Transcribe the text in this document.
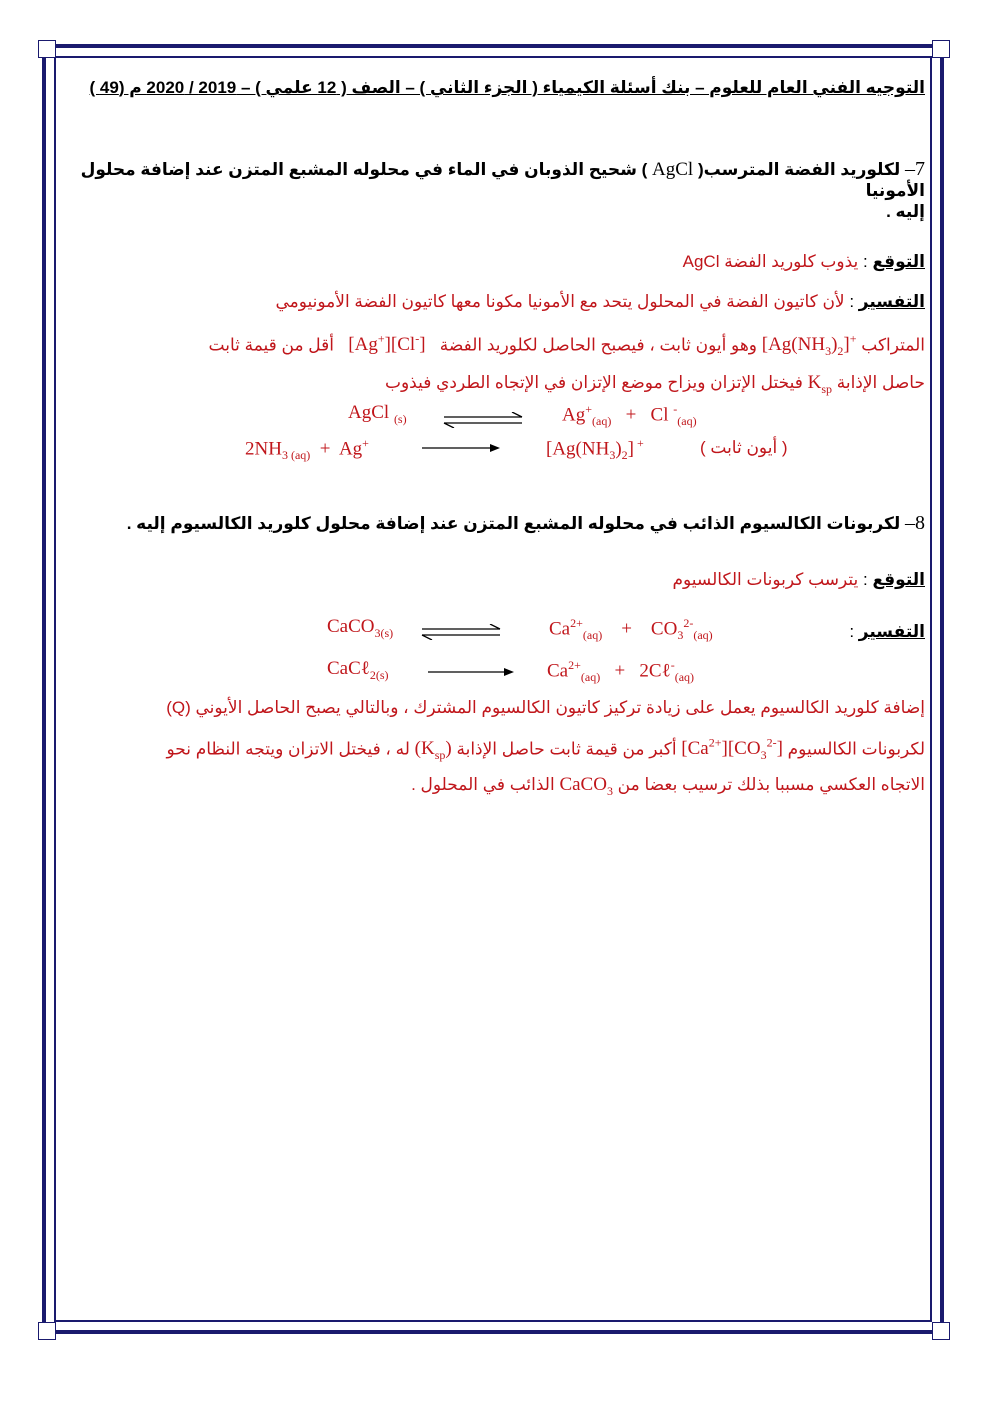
التوجيه الفني العام للعلوم – بنك أسئلة الكيمياء ( الجزء الثاني ) – الصف ( 12 علمي ) – 2019 / 2020 م (49 )
7– لكلوريد الفضة المترسب( AgCl ) شحيح الذوبان في الماء في محلوله المشبع المتزن عند إضافة محلول الأمونيا
إليه .
التوقع : يذوب كلوريد الفضة AgCl
التفسير : لأن كاتيون الفضة في المحلول يتحد مع الأمونيا مكونا معها كاتيون الفضة الأمونيومي
المتراكب $[Ag(NH_3)_2]^+$ وهو أيون ثابت ، فيصبح الحاصل لكلوريد الفضة   [Ag+][Cl-]   أقل من قيمة ثابت
حاصل الإذابة $K_{sp}$ فيختل الإتزان ويزاح موضع الإتزان في الإتجاه الطردي فيذوب
AgCl $_{(s)}$	$Ag^+_{(aq)} + Cl$ -$_{(aq)}$
$2NH_{3 (aq)} + Ag^+$	$[Ag(NH_3)_2]$ +	( أيون ثابت )
8– لكربونات الكالسيوم الذائب في محلوله المشبع المتزن عند إضافة محلول كلوريد الكالسيوم إليه .
التوقع : يترسب كربونات الكالسيوم
التفسير :
CaCO$_{3(s)}$	$Ca^{2+}_{(aq)}$    +    $CO_3^{2-}_{(aq)}$
CaCℓ$_{2(s)}$	$Ca^{2+}_{(aq)}$   +   2Cℓ-$_{(aq)}$
إضافة كلوريد الكالسيوم يعمل على زيادة تركيز كاتيون الكالسيوم المشترك ، وبالتالي يصبح الحاصل الأيوني (Q)
لكربونات الكالسيوم $[Ca^{2+}][CO_3^{2-}]$ أكبر من قيمة ثابت حاصل الإذابة $(K_{sp})$ له ، فيختل الاتزان ويتجه النظام نحو
الاتجاه العكسي مسببا بذلك ترسيب بعضا من CaCO$_3$ الذائب في المحلول .
